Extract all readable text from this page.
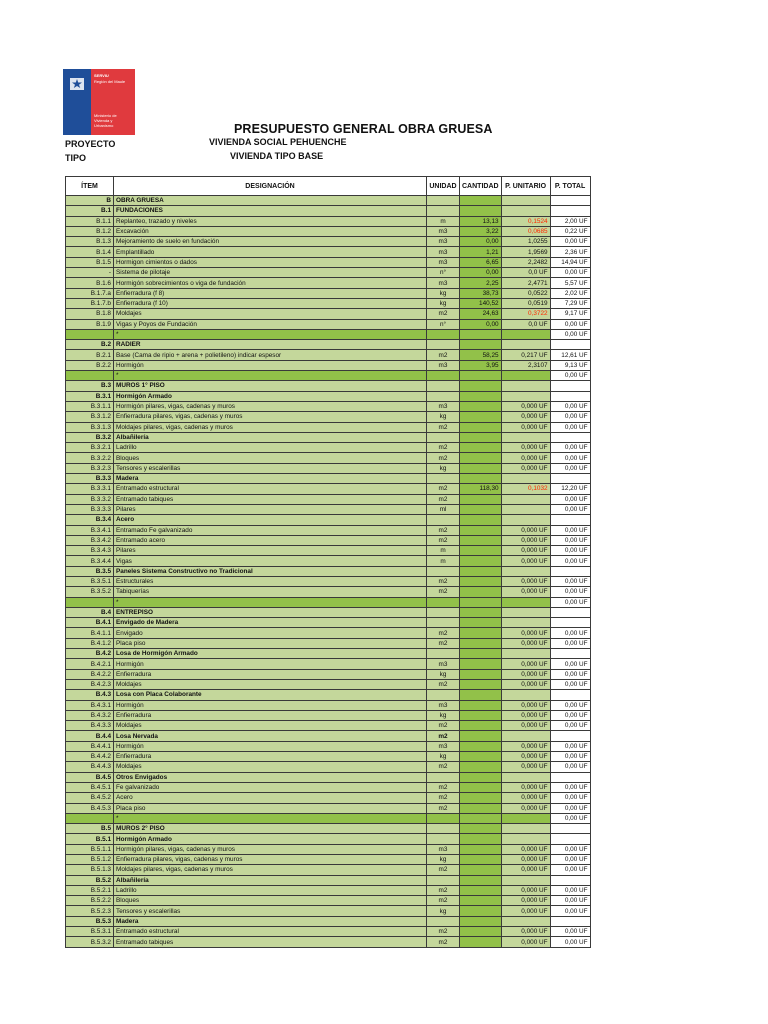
SERVIU
Región del Maule
Ministerio de
Vivienda y
Urbanismo	PRESUPUESTO GENERAL OBRA GRUESA
PROYECTO	VIVIENDA SOCIAL PEHUENCHE
TIPO	VIVIENDA TIPO BASE
ÍTEM	DESIGNACIÓN	UNIDAD	CANTIDAD	P. UNITARIO	P. TOTAL
B	OBRA GRUESA				
B.1	FUNDACIONES				
B.1.1	Replanteo, trazado y niveles	m	13,13	0,1524	2,00 UF
B.1.2	Excavación	m3	3,22	0,0685	0,22 UF
B.1.3	Mejoramiento de suelo en fundación	m3	0,00	1,0255	0,00 UF
B.1.4	Emplantillado	m3	1,21	1,9569	2,36 UF
B.1.5	Hormigon cimientos o dados	m3	6,65	2,2482	14,94 UF
-	Sistema de pilotaje	n°	0,00	0,0 UF	0,00 UF
B.1.6	Hormigón sobrecimientos o viga de fundación	m3	2,25	2,4771	5,57 UF
B.1.7.a	Enfierradura (f 8)	kg	38,73	0,0522	2,02 UF
B.1.7.b	Enfierradura (f 10)	kg	140,52	0,0519	7,29 UF
B.1.8	Moldajes	m2	24,63	0,3722	9,17 UF
B.1.9	Vigas y Poyos de Fundación	n°	0,00	0,0 UF	0,00 UF
	*				0,00 UF
B.2	RADIER				
B.2.1	Base (Cama de ripio + arena + polietileno) indicar espesor	m2	58,25	0,217 UF	12,61 UF
B.2.2	Hormigón	m3	3,95	2,3107	9,13 UF
	*				0,00 UF
B.3	MUROS 1° PISO				
B.3.1	Hormigón Armado				
B.3.1.1	Hormigón pilares, vigas, cadenas y muros	m3		0,000 UF	0,00 UF
B.3.1.2	Enfierradura pilares, vigas, cadenas y muros	kg		0,000 UF	0,00 UF
B.3.1.3	Moldajes pilares, vigas, cadenas y muros	m2		0,000 UF	0,00 UF
B.3.2	Albañilería				
B.3.2.1	Ladrillo	m2		0,000 UF	0,00 UF
B.3.2.2	Bloques	m2		0,000 UF	0,00 UF
B.3.2.3	Tensores y escalerillas	kg		0,000 UF	0,00 UF
B.3.3	Madera				
B.3.3.1	Entramado estructural	m2	118,30	0,1032	12,20 UF
B.3.3.2	Entramado tabiques	m2			0,00 UF
B.3.3.3	Pilares	ml			0,00 UF
B.3.4	Acero				
B.3.4.1	Entramado Fe galvanizado	m2		0,000 UF	0,00 UF
B.3.4.2	Entramado acero	m2		0,000 UF	0,00 UF
B.3.4.3	Pilares	m		0,000 UF	0,00 UF
B.3.4.4	Vigas	m		0,000 UF	0,00 UF
B.3.5	Paneles Sistema Constructivo no Tradicional				
B.3.5.1	Estructurales	m2		0,000 UF	0,00 UF
B.3.5.2	Tabiquerías	m2		0,000 UF	0,00 UF
	*				0,00 UF
B.4	ENTREPISO				
B.4.1	Envigado de Madera				
B.4.1.1	Envigado	m2		0,000 UF	0,00 UF
B.4.1.2	Placa piso	m2		0,000 UF	0,00 UF
B.4.2	Losa de Hormigón Armado				
B.4.2.1	Hormigón	m3		0,000 UF	0,00 UF
B.4.2.2	Enfierradura	kg		0,000 UF	0,00 UF
B.4.2.3	Moldajes	m2		0,000 UF	0,00 UF
B.4.3	Losa con Placa Colaborante				
B.4.3.1	Hormigón	m3		0,000 UF	0,00 UF
B.4.3.2	Enfierradura	kg		0,000 UF	0,00 UF
B.4.3.3	Moldajes	m2		0,000 UF	0,00 UF
B.4.4	Losa Nervada	m2			
B.4.4.1	Hormigón	m3		0,000 UF	0,00 UF
B.4.4.2	Enfierradura	kg		0,000 UF	0,00 UF
B.4.4.3	Moldajes	m2		0,000 UF	0,00 UF
B.4.5	Otros Envigados				
B.4.5.1	Fe galvanizado	m2		0,000 UF	0,00 UF
B.4.5.2	Acero	m2		0,000 UF	0,00 UF
B.4.5.3	Placa piso	m2		0,000 UF	0,00 UF
	*				0,00 UF
B.5	MUROS 2° PISO				
B.5.1	Hormigón Armado				
B.5.1.1	Hormigón pilares, vigas, cadenas y muros	m3		0,000 UF	0,00 UF
B.5.1.2	Enfierradura pilares, vigas, cadenas y muros	kg		0,000 UF	0,00 UF
B.5.1.3	Moldajes pilares, vigas, cadenas y muros	m2		0,000 UF	0,00 UF
B.5.2	Albañilería				
B.5.2.1	Ladrillo	m2		0,000 UF	0,00 UF
B.5.2.2	Bloques	m2		0,000 UF	0,00 UF
B.5.2.3	Tensores y escalerillas	kg		0,000 UF	0,00 UF
B.5.3	Madera				
B.5.3.1	Entramado estructural	m2		0,000 UF	0,00 UF
B.5.3.2	Entramado tabiques	m2		0,000 UF	0,00 UF
